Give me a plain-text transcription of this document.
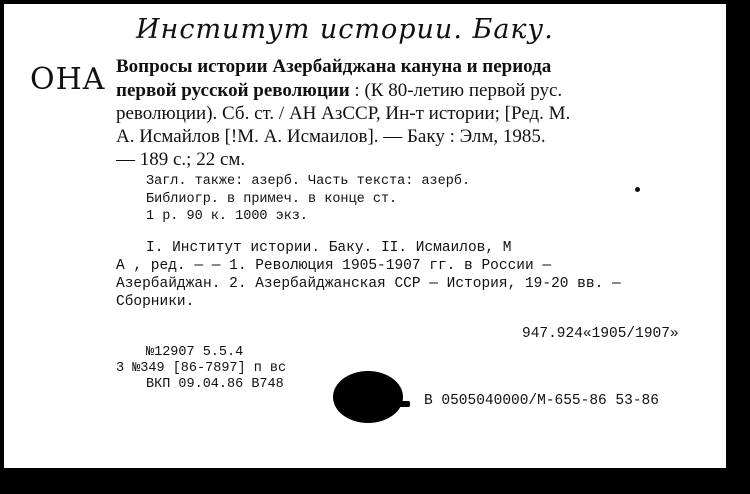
Институт истории. Баку.
OHA Вопросы истории Азербайджана кануна и периода
первой русской революции : (К 80-летию первой рус.
революции). Сб. ст. / АН АзССР, Ин-т истории; [Ред. М.
А. Исмайлов [!М. А. Исмаилов]. — Баку : Элм, 1985.
— 189 с.; 22 см.
Загл. также: азерб. Часть текста: азерб.
Библиогр. в примеч. в конце ст.
1 р. 90 к. 1000 экз.
I. Институт истории. Баку. II. Исмаилов, М
А , ред. — — 1. Революция 1905-1907 гг. в России —
Азербайджан. 2. Азербайджанская ССР — История, 19-20 вв. —
Сборники.
947.924«1905/1907»
№12907 5.5.4
3 №349 [86-7897] п вс
ВКП 09.04.86 В748
В 0505040000/М-655-86 53-86
